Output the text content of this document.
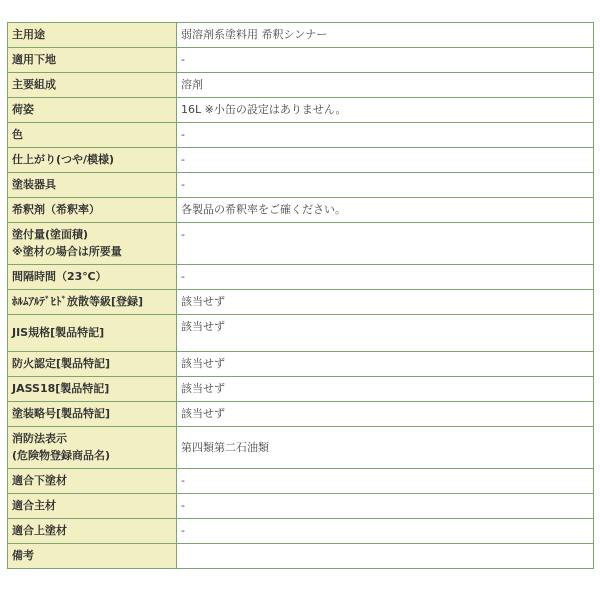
主用途	弱溶剤系塗料用 希釈シンナー
適用下地	-
主要組成	溶剤
荷姿	16L ※小缶の設定はありません。
色	-
仕上がり(つや/模様)	-
塗装器具	-
希釈剤（希釈率）	各製品の希釈率をご確ください。
塗付量(塗面積)
※塗材の場合は所要量	-
間隔時間（23℃）	-
ﾎﾙﾑｱﾙﾃﾞﾋﾄﾞ放散等級[登録]	該当せず
JIS規格[製品特記]	該当せず
防火認定[製品特記]	該当せず
JASS18[製品特記]	該当せず
塗装略号[製品特記]	該当せず
消防法表示
(危険物登録商品名)	第四類第二石油類
適合下塗材	-
適合主材	-
適合上塗材	-
備考	
